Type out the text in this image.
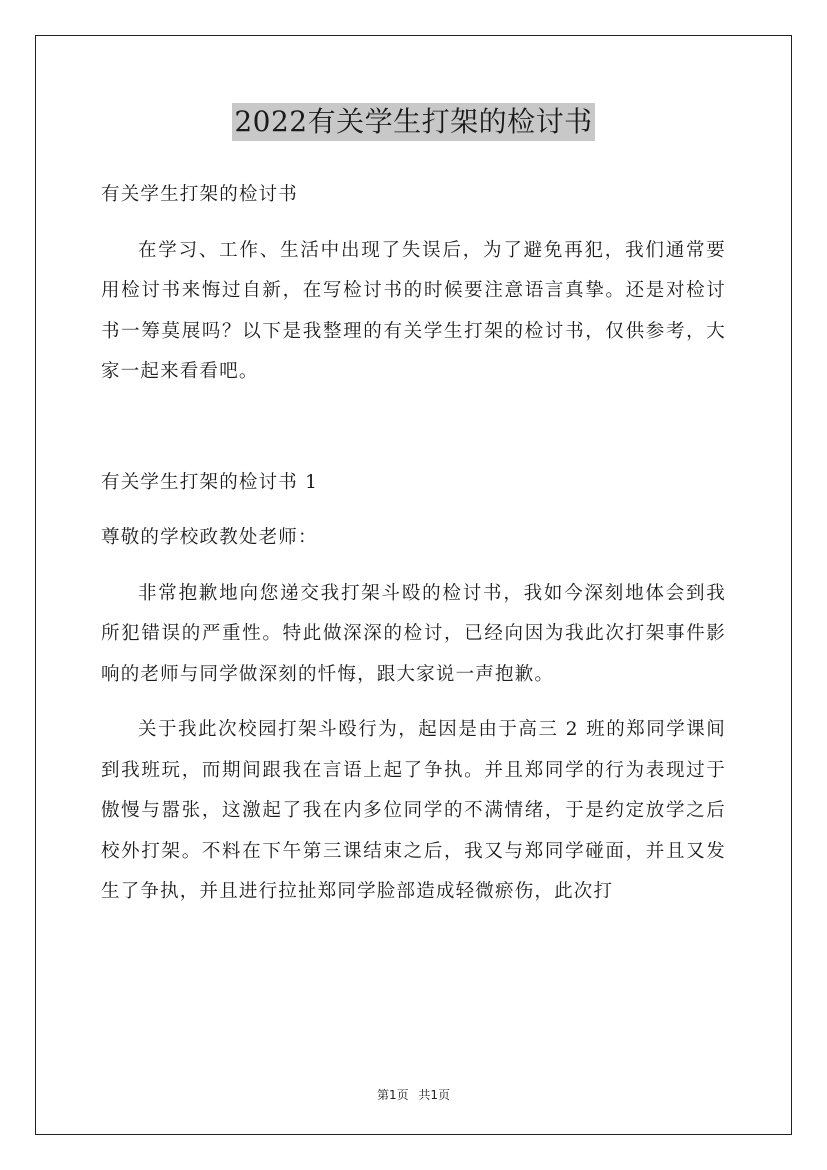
2022有关学生打架的检讨书

有关学生打架的检讨书

在学习、工作、生活中出现了失误后，为了避免再犯，我们通常要用检讨书来悔过自新，在写检讨书的时候要注意语言真挚。还是对检讨书一筹莫展吗？以下是我整理的有关学生打架的检讨书，仅供参考，大家一起来看看吧。

有关学生打架的检讨书 1

尊敬的学校政教处老师：

非常抱歉地向您递交我打架斗殴的检讨书，我如今深刻地体会到我所犯错误的严重性。特此做深深的检讨，已经向因为我此次打架事件影响的老师与同学做深刻的忏悔，跟大家说一声抱歉。

关于我此次校园打架斗殴行为，起因是由于高三 2 班的郑同学课间到我班玩，而期间跟我在言语上起了争执。并且郑同学的行为表现过于傲慢与嚣张，这激起了我在内多位同学的不满情绪，于是约定放学之后校外打架。不料在下午第三课结束之后，我又与郑同学碰面，并且又发生了争执，并且进行拉扯郑同学脸部造成轻微瘀伤，此次打

第1页 共1页
